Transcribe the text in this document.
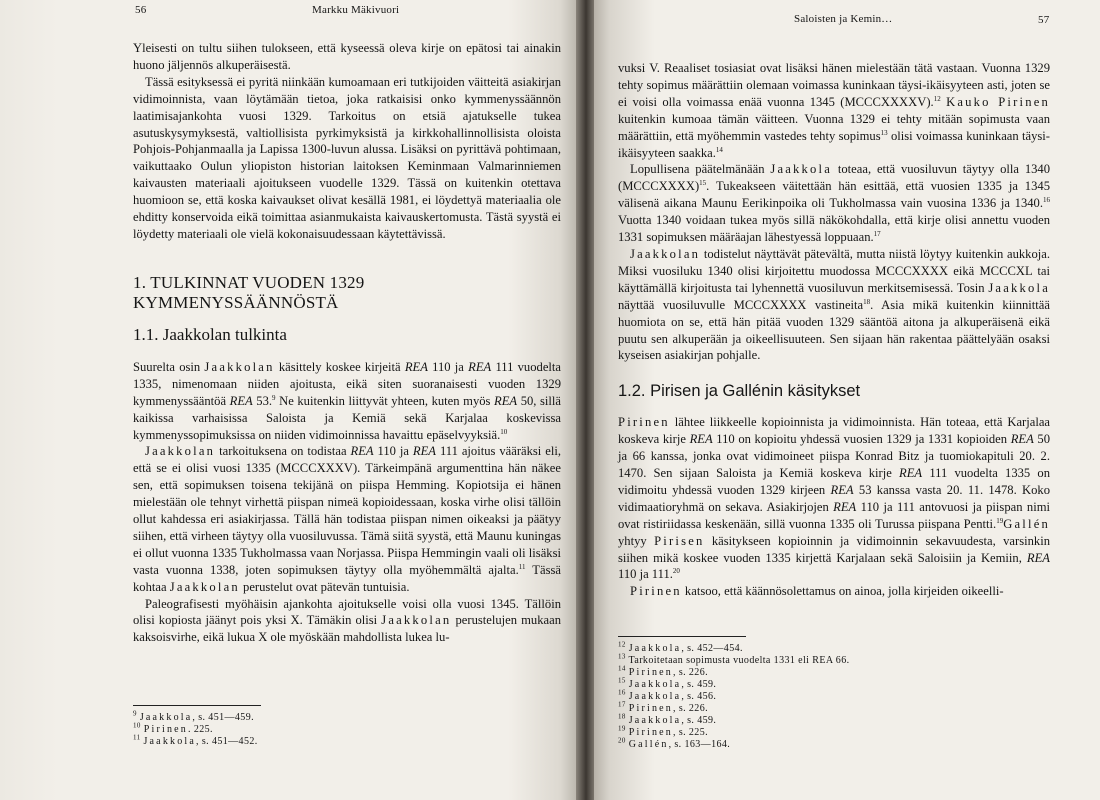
56	Markku Mäkivuori

Yleisesti on tultu siihen tulokseen, että kyseessä oleva kirje on epätosi tai ainakin huono jäljennös alkuperäisestä.

Tässä esityksessä ei pyritä niinkään kumoamaan eri tutkijoiden väitteitä asiakirjan vidimoinnista, vaan löytämään tietoa, joka ratkaisisi onko kymmenyssäännön laatimisajankohta vuosi 1329. Tarkoitus on etsiä ajatukselle tukea asutuskysymyksestä, valtiollisista pyrkimyksistä ja kirkkohallinnollisista oloista Pohjois-Pohjanmaalla ja Lapissa 1300-luvun alussa. Lisäksi on pyrittävä pohtimaan, vaikuttaako Oulun yliopiston historian laitoksen Keminmaan Valmarinniemen kaivausten materiaali ajoitukseen vuodelle 1329. Tässä on kuitenkin otettava huomioon se, että koska kaivaukset olivat kesällä 1981, ei löydettyä materiaalia ole ehditty konservoida eikä toimittaa asianmukaista kaivauskertomusta. Tästä syystä ei löydetty materiaali ole vielä kokonaisuudessaan käytettävissä.

1. TULKINNAT VUODEN 1329 KYMMENYSSÄÄNNÖSTÄ
1.1. Jaakkolan tulkinta

Suurelta osin Jaakkolan käsittely koskee kirjeitä REA 110 ja REA 111 vuodelta 1335, nimenomaan niiden ajoitusta, eikä siten suoranaisesti vuoden 1329 kymmenyssääntöä REA 53.$^9$ Ne kuitenkin liittyvät yhteen, kuten myös REA 50, sillä kaikissa varhaisissa Saloista ja Kemiä sekä Karjalaa koskevissa kymmenyssopimuksissa on niiden vidimoinnissa havaittu epäselvyyksiä.$^{10}$

Jaakkolan tarkoituksena on todistaa REA 110 ja REA 111 ajoitus vääräksi eli, että se ei olisi vuosi 1335 (MCCCXXXV). Tärkeimpänä argumenttina hän näkee sen, että sopimuksen toisena tekijänä on piispa Hemming. Kopiotsija ei hänen mielestään ole tehnyt virhettä piispan nimeä kopioidessaan, koska virhe olisi tällöin ollut kahdessa eri asiakirjassa. Tällä hän todistaa piispan nimen oikeaksi ja päätyy siihen, että virheen täytyy olla vuosiluvussa. Tämä siitä syystä, että Maunu kuningas ei ollut vuonna 1335 Tukholmassa vaan Norjassa. Piispa Hemmingin vaali oli lisäksi vasta vuonna 1338, joten sopimuksen täytyy olla myöhemmältä ajalta.$^{11}$ Tässä kohtaa Jaakkolan perustelut ovat pätevän tuntuisia.

Paleografisesti myöhäisin ajankohta ajoitukselle voisi olla vuosi 1345. Tällöin olisi kopiosta jäänyt pois yksi X. Tämäkin olisi Jaakkolan perustelujen mukaan kaksoisvirhe, eikä lukua X ole myöskään mahdollista lukea lu-

$^9$ Jaakkola, s. 451—459.
$^{10}$ Pirinen. 225.
$^{11}$ Jaakkola, s. 451—452.
Saloisten ja Kemin…	57

vuksi V. Reaaliset tosiasiat ovat lisäksi hänen mielestään tätä vastaan. Vuonna 1329 tehty sopimus määrättiin olemaan voimassa kuninkaan täysi-ikäisyyteen asti, joten se ei voisi olla voimassa enää vuonna 1345 (MCCCXXXXV).$^{12}$ Kauko Pirinen kuitenkin kumoaa tämän väitteen. Vuonna 1329 ei tehty mitään sopimusta vaan määrättiin, että myöhemmin vastedes tehty sopimus$^{13}$ olisi voimassa kuninkaan täysi-ikäisyyteen saakka.$^{14}$

Lopullisena päätelmänään Jaakkola toteaa, että vuosiluvun täytyy olla 1340 (MCCCXXXX)$^{15}$. Tukeakseen väitettään hän esittää, että vuosien 1335 ja 1345 välisenä aikana Maunu Eerikinpoika oli Tukholmassa vain vuosina 1336 ja 1340.16 Vuotta 1340 voidaan tukea myös sillä näkökohdalla, että kirje olisi annettu vuoden 1331 sopimuksen määräajan lähestyessä loppuaan.$^{17}$

Jaakkolan todistelut näyttävät pätevältä, mutta niistä löytyy kuitenkin aukkoja. Miksi vuosiluku 1340 olisi kirjoitettu muodossa MCCCXXXX eikä MCCCXL tai käyttämällä kirjoitusta tai lyhennettä vuosiluvun merkitsemisessä. Tosin Jaakkola näyttää vuosiluvulle MCCCXXXX vastineita$^{18}$. Asia mikä kuitenkin kiinnittää huomiota on se, että hän pitää vuoden 1329 sääntöä aitona ja alkuperäisenä eikä puutu sen alkuperään ja oikeellisuuteen. Sen sijaan hän rakentaa päättelyään osaksi kyseisen asiakirjan pohjalle.

1.2. Pirisen ja Gallénin käsitykset

Pirinen lähtee liikkeelle kopioinnista ja vidimoinnista. Hän toteaa, että Karjalaa koskeva kirje REA 110 on kopioitu yhdessä vuosien 1329 ja 1331 kopioiden REA 50 ja 66 kanssa, jonka ovat vidimoineet piispa Konrad Bitz ja tuomiokapituli 20. 2. 1470. Sen sijaan Saloista ja Kemiä koskeva kirje REA 111 vuodelta 1335 on vidimoitu yhdessä vuoden 1329 kirjeen REA 53 kanssa vasta 20. 11. 1478. Koko vidimaatioryhmä on sekava. Asiakirjojen REA 110 ja 111 antovuosi ja piispan nimi ovat ristiriidassa keskenään, sillä vuonna 1335 oli Turussa piispana Pentti.$^{19}$Gallén yhtyy Pirisen käsitykseen kopioinnin ja vidimoinnin sekavuudesta, varsinkin siihen mikä koskee vuoden 1335 kirjettä Karjalaan sekä Saloisiin ja Kemiin, REA 110 ja 111.20

Pirinen katsoo, että käännösolettamus on ainoa, jolla kirjeiden oikeelli-

$^{12}$ Jaakkola, s. 452—454.
$^{13}$ Tarkoitetaan sopimusta vuodelta 1331 eli REA 66.
$^{14}$ Pirinen, s. 226.
$^{15}$ Jaakkola, s. 459.
$^{16}$ Jaakkola, s. 456.
$^{17}$ Pirinen, s. 226.
$^{18}$ Jaakkola, s. 459.
$^{19}$ Pirinen, s. 225.
$^{20}$ Gallén, s. 163—164.
